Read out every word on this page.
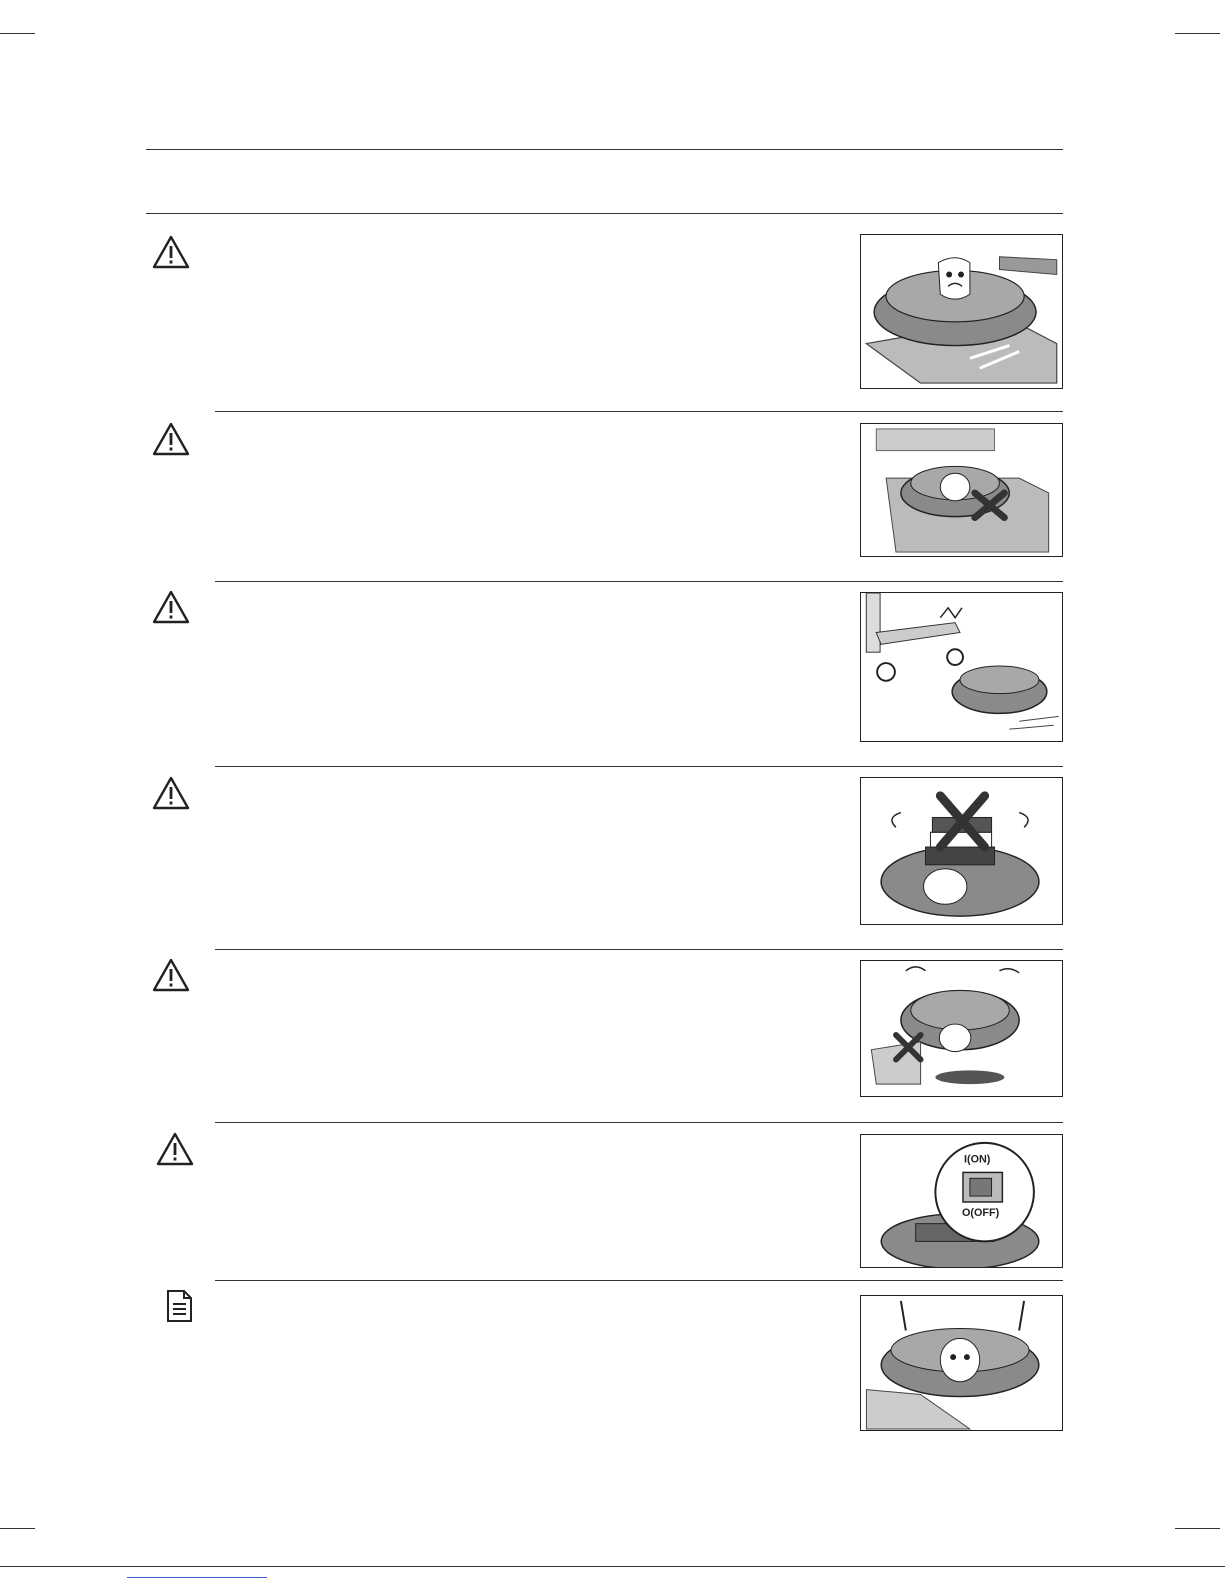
I(ON)
O(OFF)
